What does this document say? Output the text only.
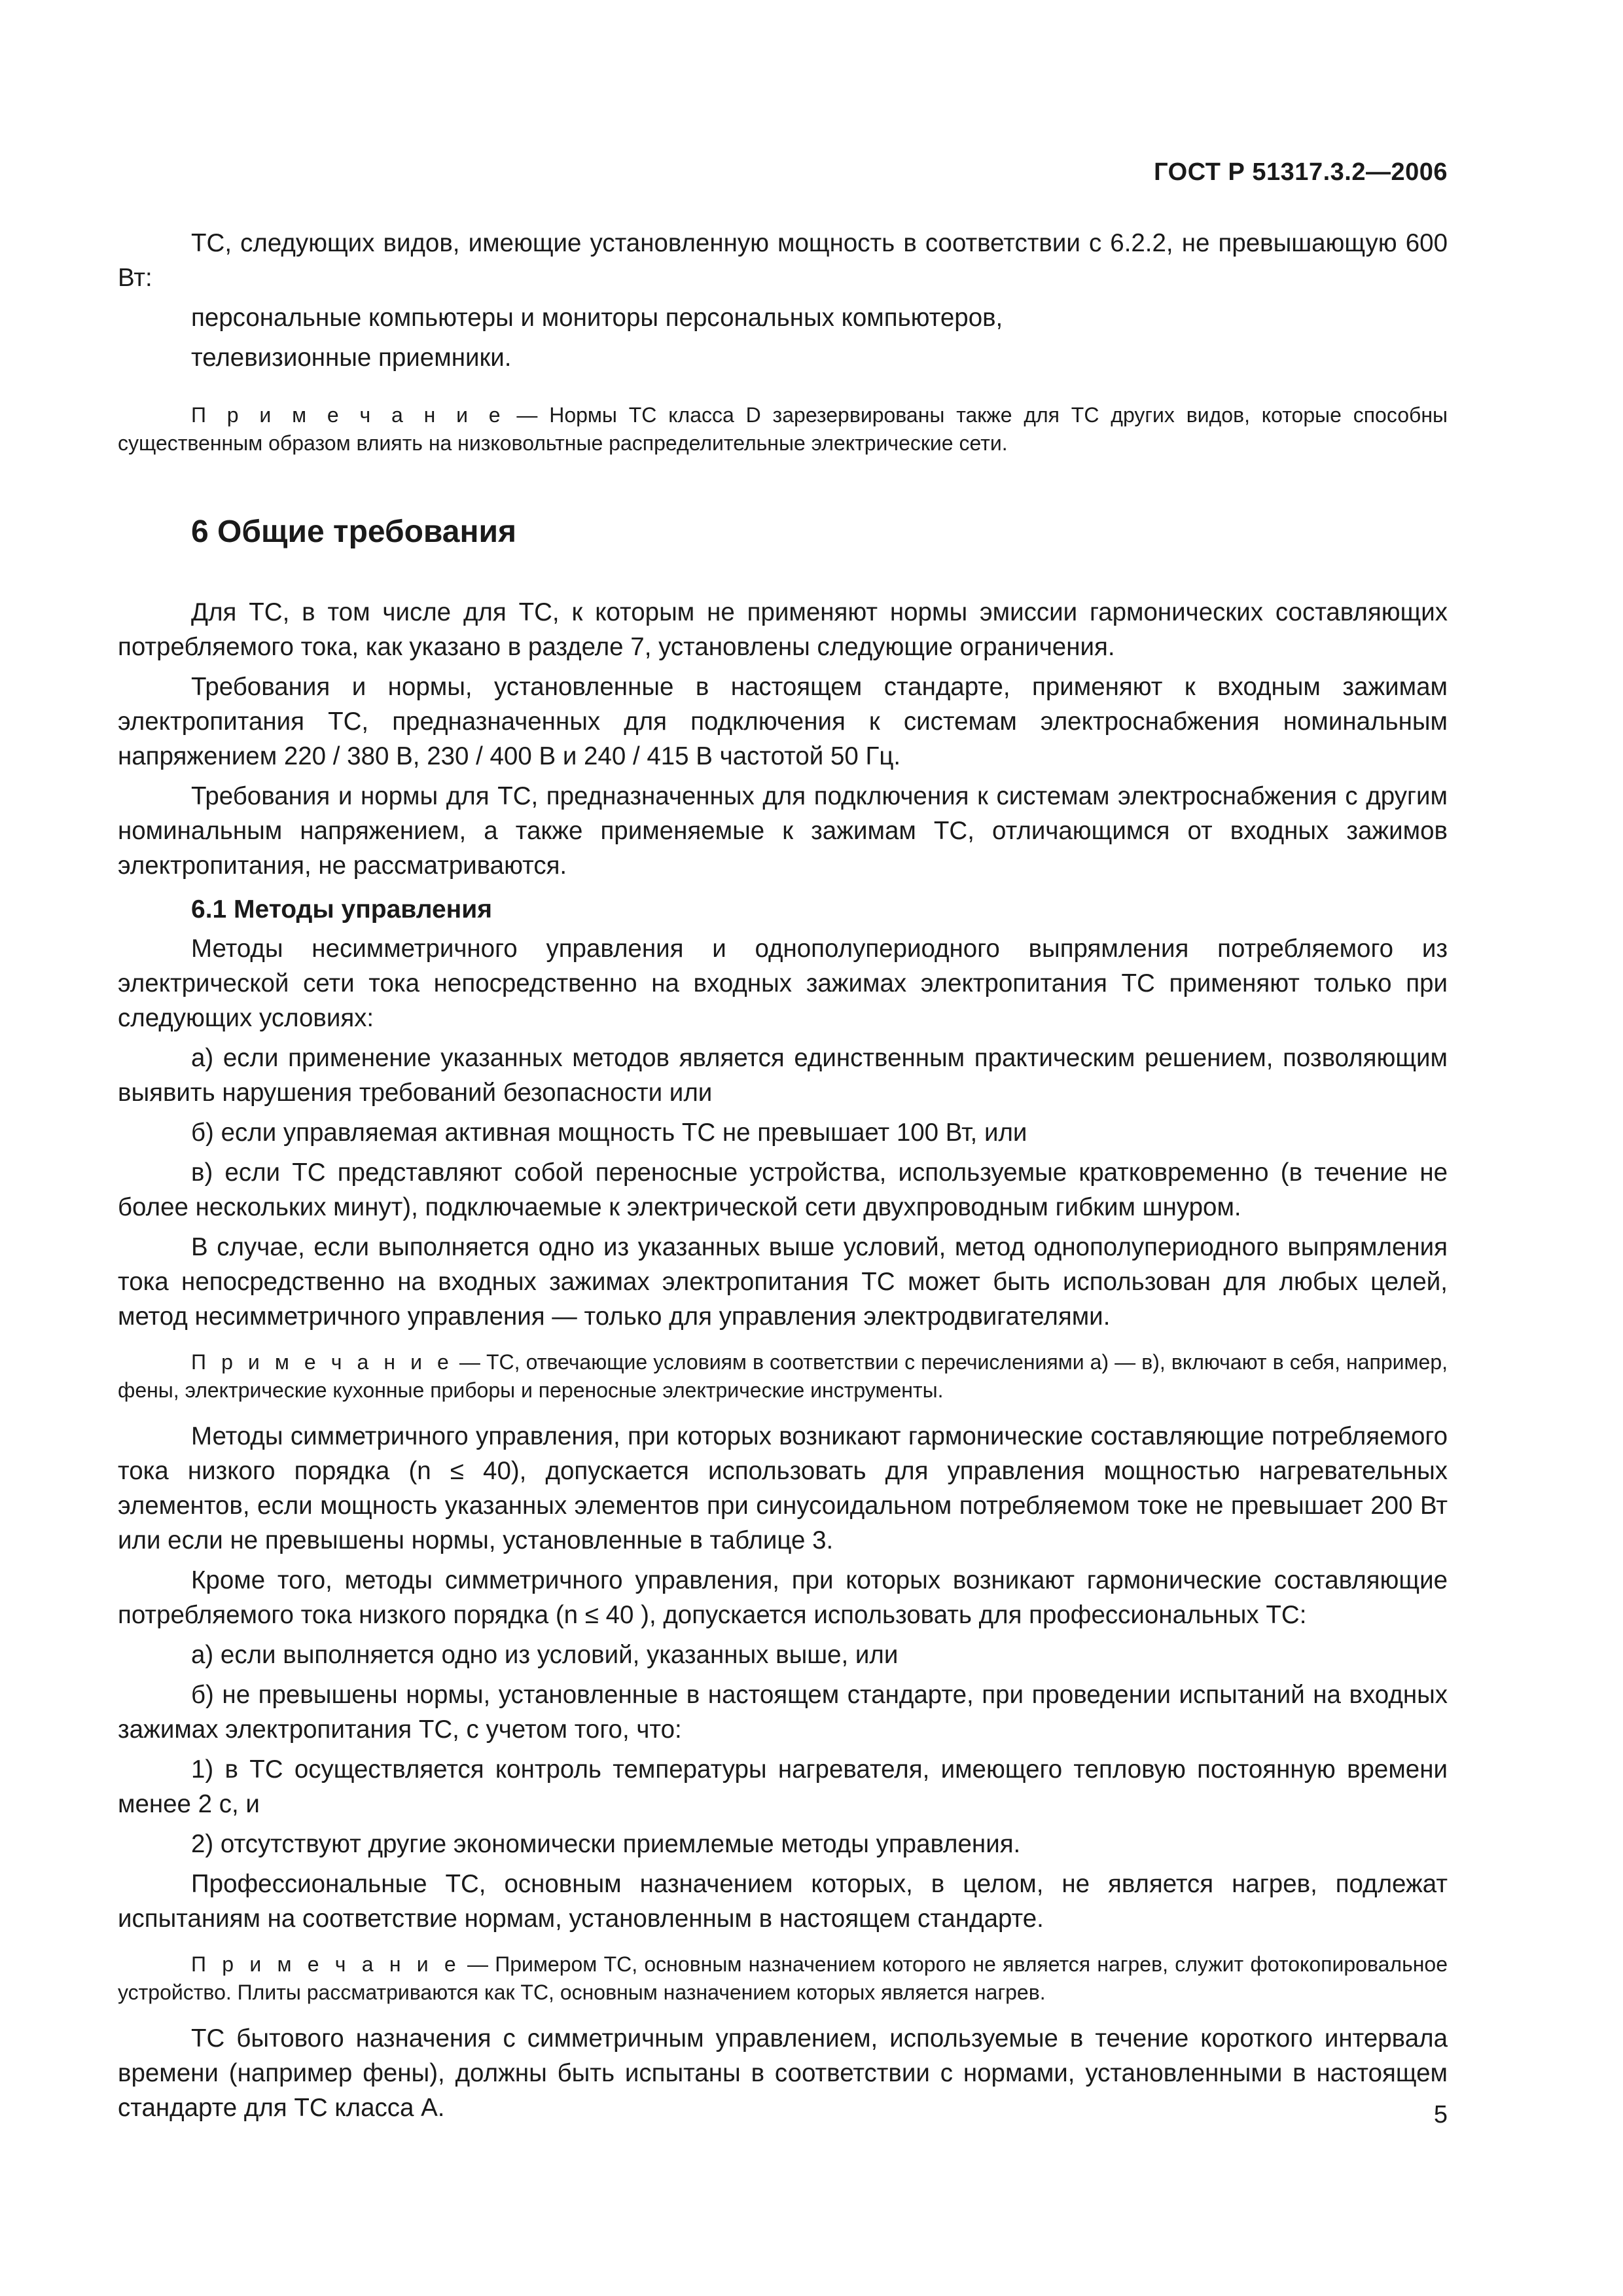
ГОСТ Р 51317.3.2—2006

ТС, следующих видов, имеющие установленную мощность в соответствии с 6.2.2, не превышающую 600 Вт:

персональные компьютеры и мониторы персональных компьютеров,

телевизионные приемники.

П р и м е ч а н и е — Нормы ТС класса D зарезервированы также для ТС других видов, которые способны существенным образом влиять на низковольтные распределительные электрические сети.

6 Общие требования

Для ТС, в том числе для ТС, к которым не применяют нормы эмиссии гармонических составляющих потребляемого тока, как указано в разделе 7, установлены следующие ограничения.

Требования и нормы, установленные в настоящем стандарте, применяют к входным зажимам электропитания ТС, предназначенных для подключения к системам электроснабжения номинальным напряжением 220 / 380 В, 230 / 400 В и 240 / 415 В частотой 50 Гц.

Требования и нормы для ТС, предназначенных для подключения к системам электроснабжения с другим номинальным напряжением, а также применяемые к зажимам ТС, отличающимся от входных зажимов электропитания, не рассматриваются.

6.1 Методы управления

Методы несимметричного управления и однополупериодного выпрямления потребляемого из электрической сети тока непосредственно на входных зажимах электропитания ТС применяют только при следующих условиях:

а) если применение указанных методов является единственным практическим решением, позволяющим выявить нарушения требований безопасности или

б) если управляемая активная мощность ТС не превышает 100 Вт, или

в) если ТС представляют собой переносные устройства, используемые кратковременно (в течение не более нескольких минут), подключаемые к электрической сети двухпроводным гибким шнуром.

В случае, если выполняется одно из указанных выше условий, метод однополупериодного выпрямления тока непосредственно на входных зажимах электропитания ТС может быть использован для любых целей, метод несимметричного управления — только для управления электродвигателями.

П р и м е ч а н и е — ТС, отвечающие условиям в соответствии с перечислениями а) — в), включают в себя, например, фены, электрические кухонные приборы и переносные электрические инструменты.

Методы симметричного управления, при которых возникают гармонические составляющие потребляемого тока низкого порядка (n ≤ 40), допускается использовать для управления мощностью нагревательных элементов, если мощность указанных элементов при синусоидальном потребляемом токе не превышает 200 Вт или если не превышены нормы, установленные в таблице 3.

Кроме того, методы симметричного управления, при которых возникают гармонические составляющие потребляемого тока низкого порядка (n ≤ 40 ), допускается использовать для профессиональных ТС:

а) если выполняется одно из условий, указанных выше, или

б) не превышены нормы, установленные в настоящем стандарте, при проведении испытаний на входных зажимах электропитания ТС, с учетом того, что:

1) в ТС осуществляется контроль температуры нагревателя, имеющего тепловую постоянную времени менее 2 с, и

2) отсутствуют другие экономически приемлемые методы управления.

Профессиональные ТС, основным назначением которых, в целом, не является нагрев, подлежат испытаниям на соответствие нормам, установленным в настоящем стандарте.

П р и м е ч а н и е — Примером ТС, основным назначением которого не является нагрев, служит фотокопировальное устройство. Плиты рассматриваются как ТС, основным назначением которых является нагрев.

ТС бытового назначения с симметричным управлением, используемые в течение короткого интервала времени (например фены), должны быть испытаны в соответствии с нормами, установленными в настоящем стандарте для ТС класса А.	5
